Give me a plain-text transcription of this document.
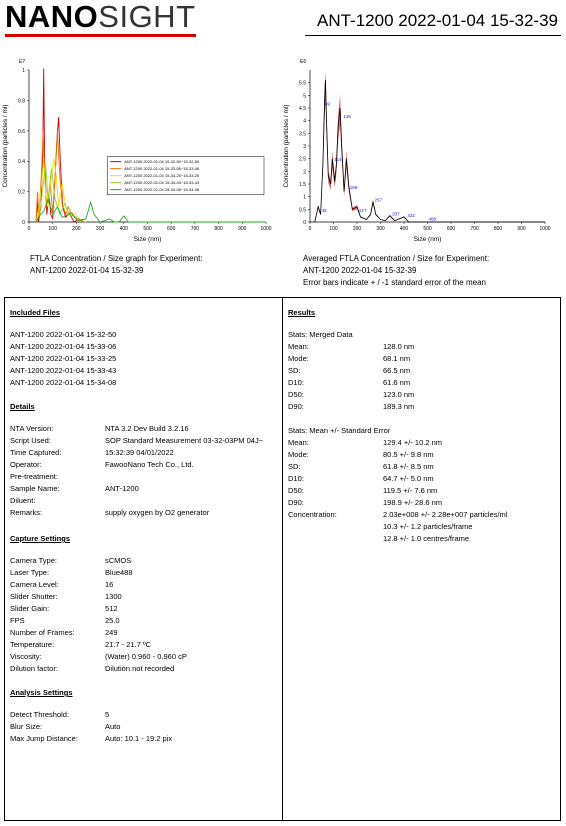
NANOSIGHT	ANT-1200 2022-01-04 15-32-39
E7
0	100	200	300	400	500	600	700	800	900	1000
0
0.2
0.4
0.6
0.8
1
Size (nm)
Concentration (particles / ml)	ANT-1200 2022-01-04 15-32-50~15-32-50
ANT-1200 2022-01-04 15-33-06~15-33-06
ANT-1200 2022-01-04 15-33-25~15-33-25
ANT-1200 2022-01-04 15-33-43~15-33-43
ANT-1200 2022-01-04 15-34-08~15-34-08
E6
0	100	200	300	400	500	600	700	800	900	1000
0
0.5
1
1.5
2
2.5
3
3.5
4
4.5
5
5.5
Size (nm)
Concentration (particles / ml)
45
69
114
136
169
217
257
337 422
488
FTLA Concentration / Size graph for Experiment:
ANT-1200 2022-01-04 15-32-39
Averaged FTLA Concentration / Size for Experiment:
ANT-1200 2022-01-04 15-32-39
Error bars indicate + / -1 standard error of the mean
Included Files
ANT-1200 2022-01-04 15-32-50
ANT-1200 2022-01-04 15-33-06
ANT-1200 2022-01-04 15-33-25
ANT-1200 2022-01-04 15-33-43
ANT-1200 2022-01-04 15-34-08
Details
NTA Version:	NTA 3.2 Dev Build 3.2.16
Script Used:	SOP Standard Measurement 03-32-03PM 04J~
Time Captured:	15:32:39 04/01/2022
Operator:	FawooNano Tech Co., Ltd.
Pre-treatment:
Sample Name:	ANT-1200
Diluent:
Remarks:	supply oxygen by O2 generator
Capture Settings
Camera Type:	sCMOS
Laser Type:	Blue488
Camera Level:	16
Slider Shutter:	1300
Slider Gain:	512
FPS	25.0
Number of Frames:	249
Temperature:	21.7 - 21.7 ºC
Viscosity:	(Water) 0.960 - 0.960 cP
Dilution factor:	Dilution not recorded
Analysis Settings
Detect Threshold:	5
Blur Size:	Auto
Max Jump Distance:	Auto: 10.1 - 19.2 pix
Results
Stats: Merged Data
Mean:	128.0 nm
Mode:	68.1 nm
SD:	66.5 nm
D10:	61.6 nm
D50:	123.0 nm
D90:	189.3 nm
Stats: Mean +/- Standard Error
Mean:	129.4 +/- 10.2 nm
Mode:	80.5 +/- 9.8 nm
SD:	61.8 +/- 8.5 nm
D10:	64.7 +/- 5.0 nm
D50:	119.5 +/- 7.6 nm
D90:	198.9 +/- 28.6 nm
Concentration:	2.03e+008 +/- 2.28e+007 particles/ml
10.3 +/- 1.2 particles/frame
12.8 +/- 1.0 centres/frame
